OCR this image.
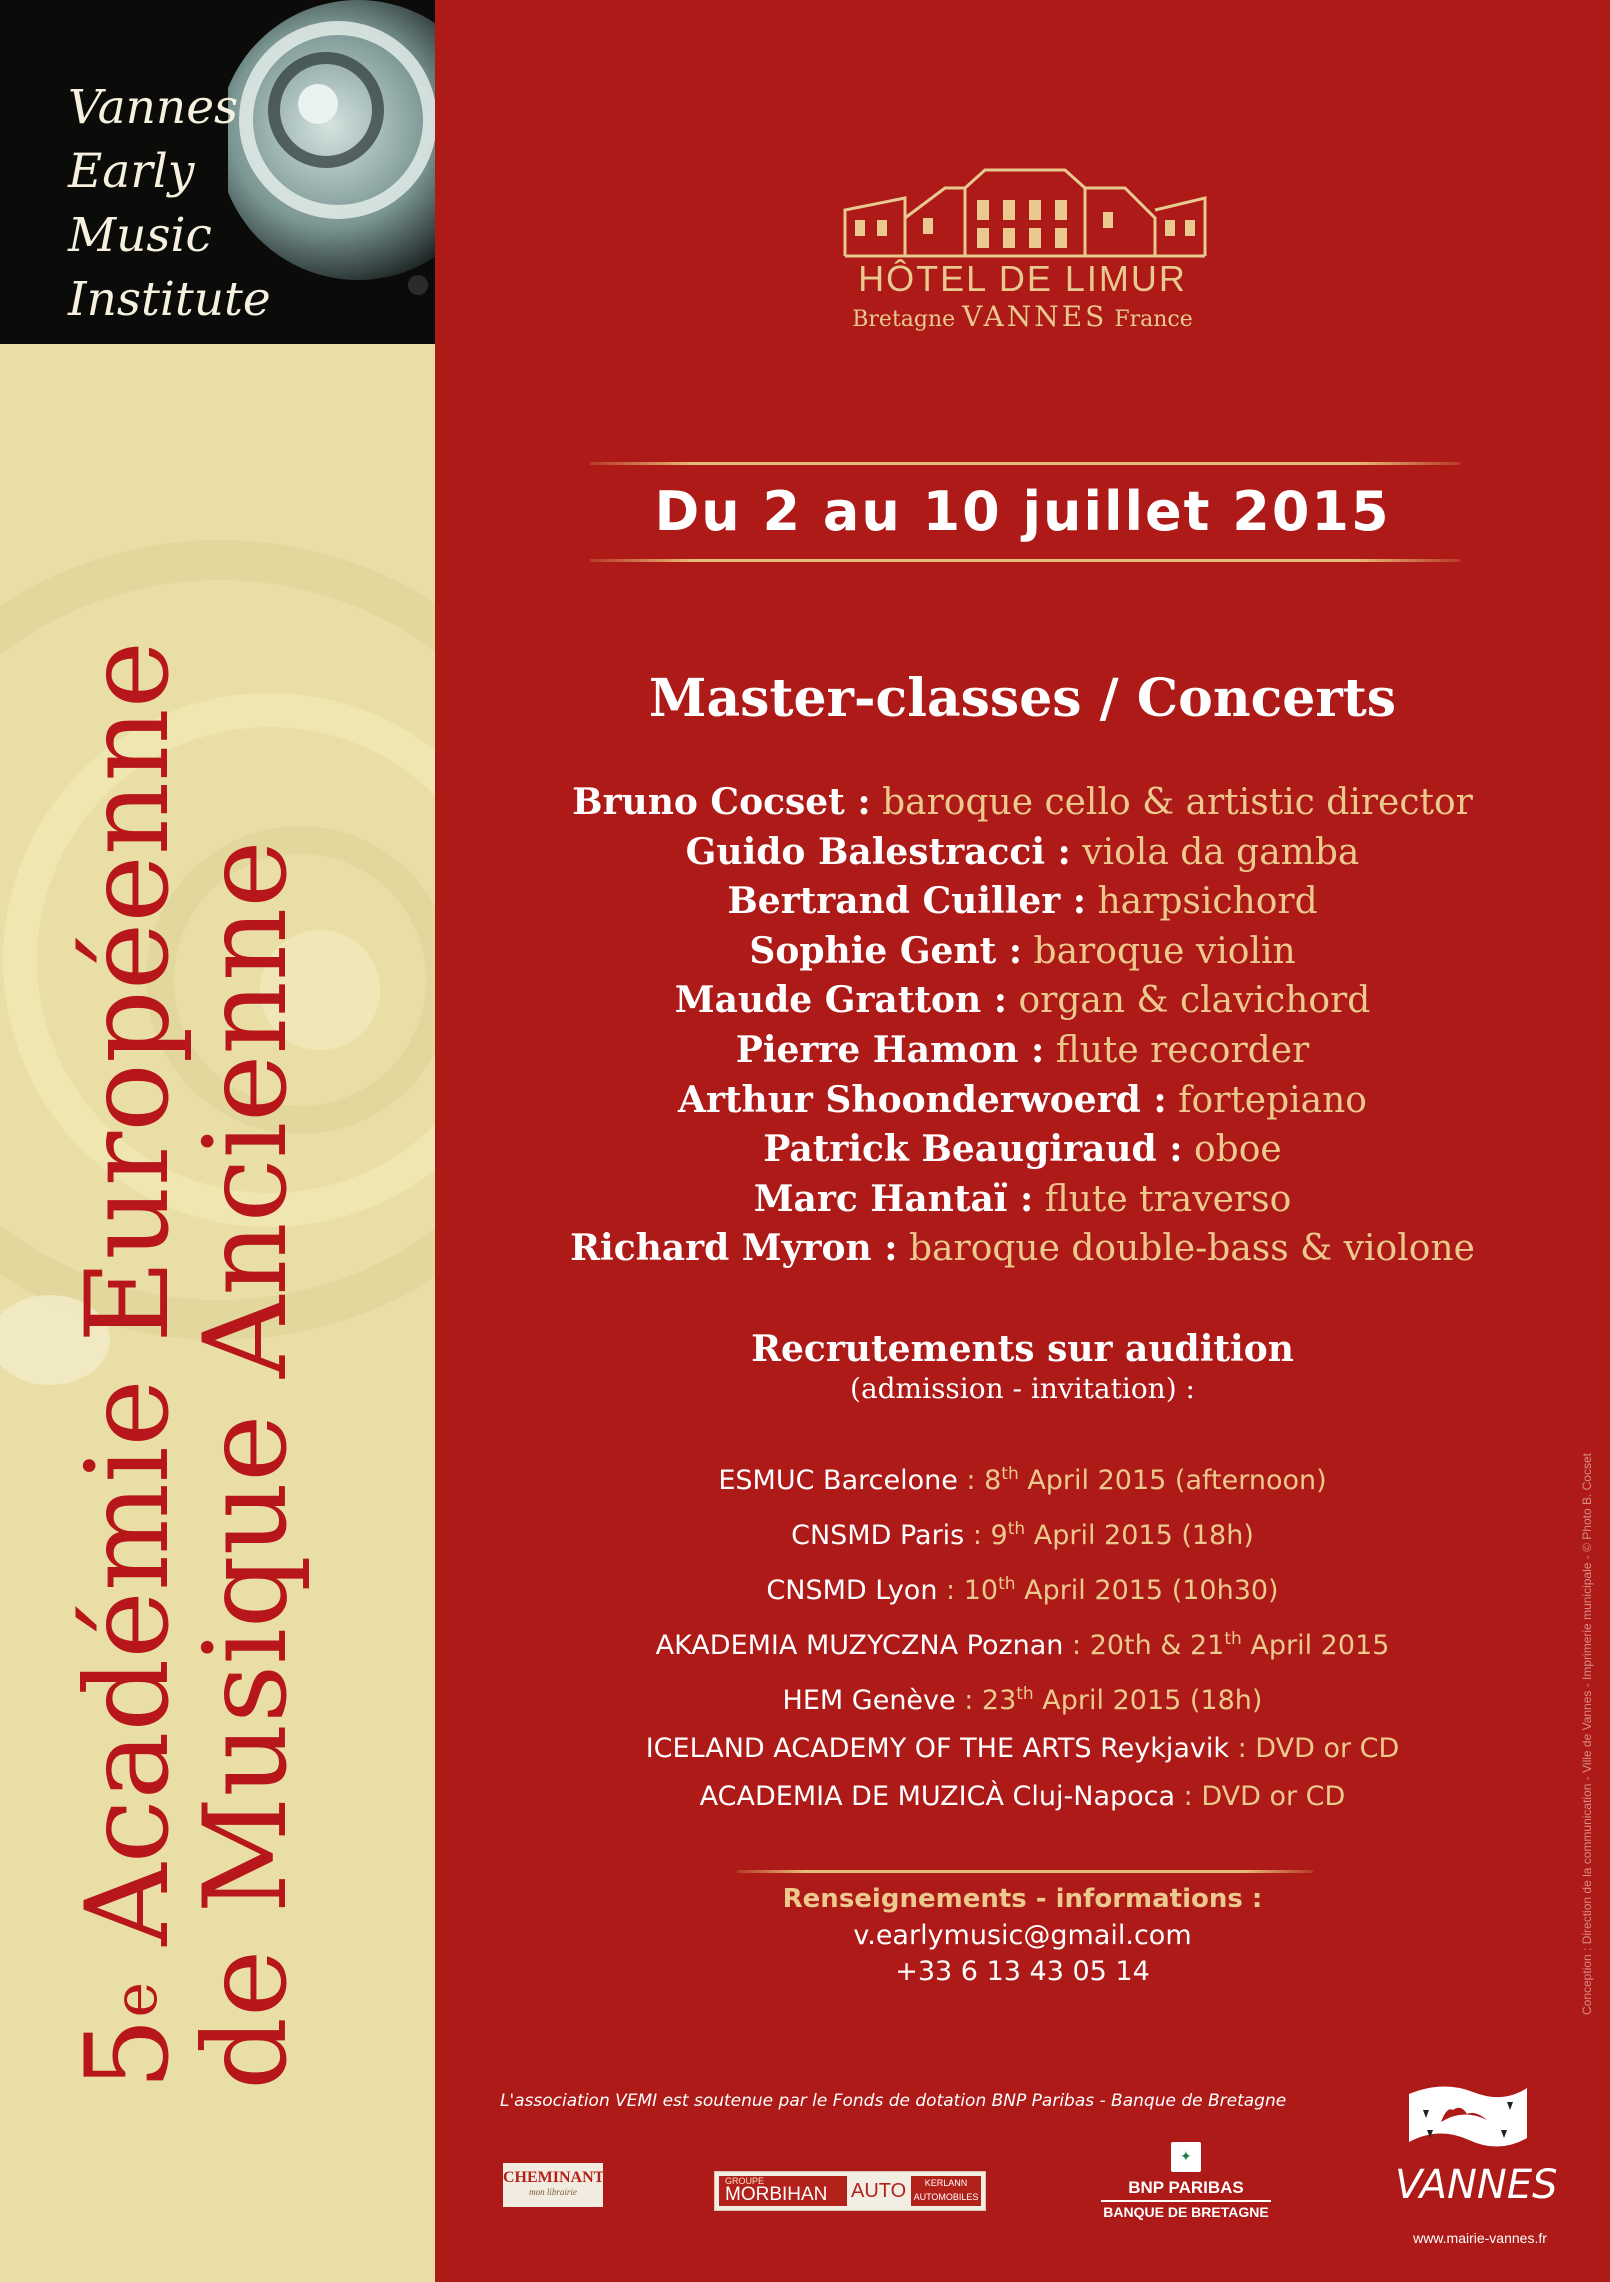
Vannes
Early
Music
Institute
5e Académie Européenne
de Musique Ancienne
HÔTEL DE LIMUR
Bretagne VANNES France
Du 2 au 10 juillet 2015
Master-classes / Concerts
Bruno Cocset : baroque cello & artistic director
Guido Balestracci : viola da gamba
Bertrand Cuiller : harpsichord
Sophie Gent : baroque violin
Maude Gratton : organ & clavichord
Pierre Hamon : flute recorder
Arthur Shoonderwoerd : fortepiano
Patrick Beaugiraud : oboe
Marc Hantaï : flute traverso
Richard Myron : baroque double-bass & violone
Recrutements sur audition
(admission - invitation) :
ESMUC Barcelone : 8th April 2015 (afternoon)
CNSMD Paris : 9th April 2015 (18h)
CNSMD Lyon : 10th April 2015 (10h30)
AKADEMIA MUZYCZNA Poznan : 20th & 21th April 2015
HEM Genève : 23th April 2015 (18h)
ICELAND ACADEMY OF THE ARTS Reykjavik : DVD or CD
ACADEMIA DE MUZICÀ Cluj-Napoca : DVD or CD
Renseignements - informations :
v.earlymusic@gmail.com
+33 6 13 43 05 14	Conception : Direction de la communication - Ville de Vannes - Imprimerie municipale - © Photo B. Cocset
L'association VEMI est soutenue par le Fonds de dotation BNP Paribas - Banque de Bretagne
CHEMINANT
mon librairie
GROUPE
MORBIHAN AUTO	KERLANN
AUTOMOBILES
✦
BNP PARIBAS
BANQUE DE BRETAGNE
VANNES
www.mairie-vannes.fr
